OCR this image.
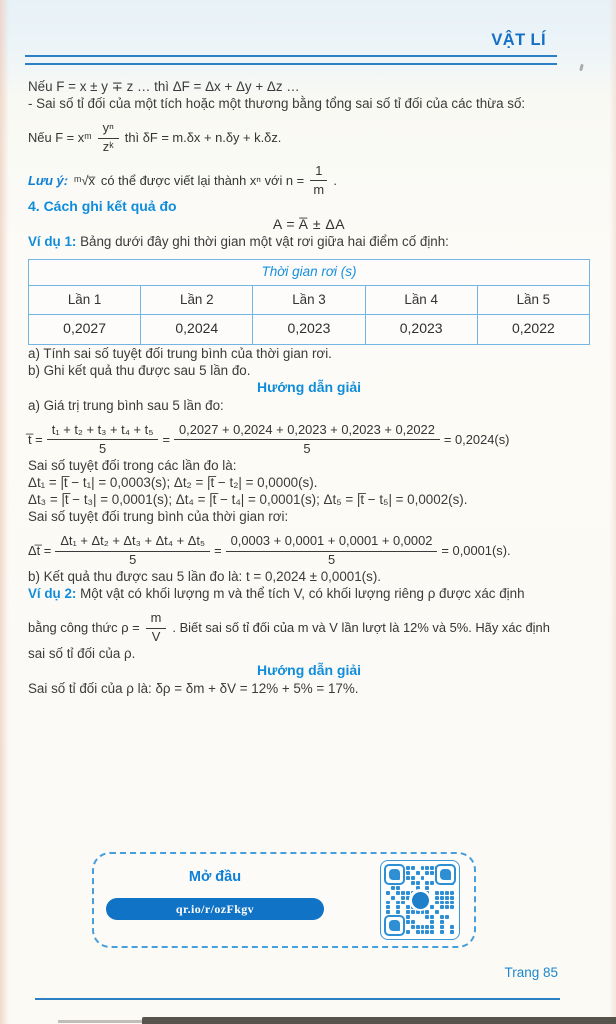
VẬT LÍ

Nếu F = x ± y ∓ z … thì ΔF = Δx + Δy + Δz …

- Sai số tỉ đối của một tích hoặc một thương bằng tổng sai số tỉ đối của các thừa số:

Nếu F = xᵐ $\frac{\text{yⁿ}}{\text{zᵏ}}$ thì δF = m.δx + n.δy + k.δz.
Lưu ý: ᵐ√x̅ có thể được viết lại thành xⁿ với $n = \frac{1}{m}$ .

4. Cách ghi kết quả đo

A = A̅ ± ΔA

Ví dụ 1: Bảng dưới đây ghi thời gian một vật rơi giữa hai điểm cố định:

Thời gian rơi (s)				
Lần 1	Lần 2	Lần 3	Lần 4	Lần 5
0,2027	0,2024	0,2023	0,2023	0,2022

a) Tính sai số tuyệt đối trung bình của thời gian rơi.

b) Ghi kết quả thu được sau 5 lần đo.

Hướng dẫn giải

a) Giá trị trung bình sau 5 lần đo:

t̅ = $\frac{\text{t₁ + t₂ + t₃ + t₄ + t₅}}{5} = \frac{0,2027 + 0,2024 + 0,2023 + 0,2023 + 0,2022}{5} = 0,2024(s)$

Sai số tuyệt đối trong các lần đo là:

Δt₁ = |t̅ − t₁| = 0,0003(s); Δt₂ = |t̅ − t₂| = 0,0000(s).

Δt₃ = |t̅ − t₃| = 0,0001(s); Δt₄ = |t̅ − t₄| = 0,0001(s); Δt₅ = |t̅ − t₅| = 0,0002(s).

Sai số tuyệt đối trung bình của thời gian rơi:

Δt̅ = $\frac{\text{Δt₁ + Δt₂ + Δt₃ + Δt₄ + Δt₅}}{5} = \frac{0,0003 + 0,0001 + 0,0001 + 0,0002}{5} = 0,0001(s)$.

b) Kết quả thu được sau 5 lần đo là: t = 0,2024 ± 0,0001(s).

Ví dụ 2: Một vật có khối lượng m và thể tích V, có khối lượng riêng ρ được xác định

bằng công thức $\rho = \frac{m}{V}$ . Biết sai số tỉ đối của m và V lần lượt là 12% và 5%. Hãy xác định

sai số tỉ đối của ρ.

Hướng dẫn giải

Sai số tỉ đối của ρ là: δρ = δm + δV = 12% + 5% = 17%.

Mở đầu
qr.io/r/ozFkgv
Trang 85
